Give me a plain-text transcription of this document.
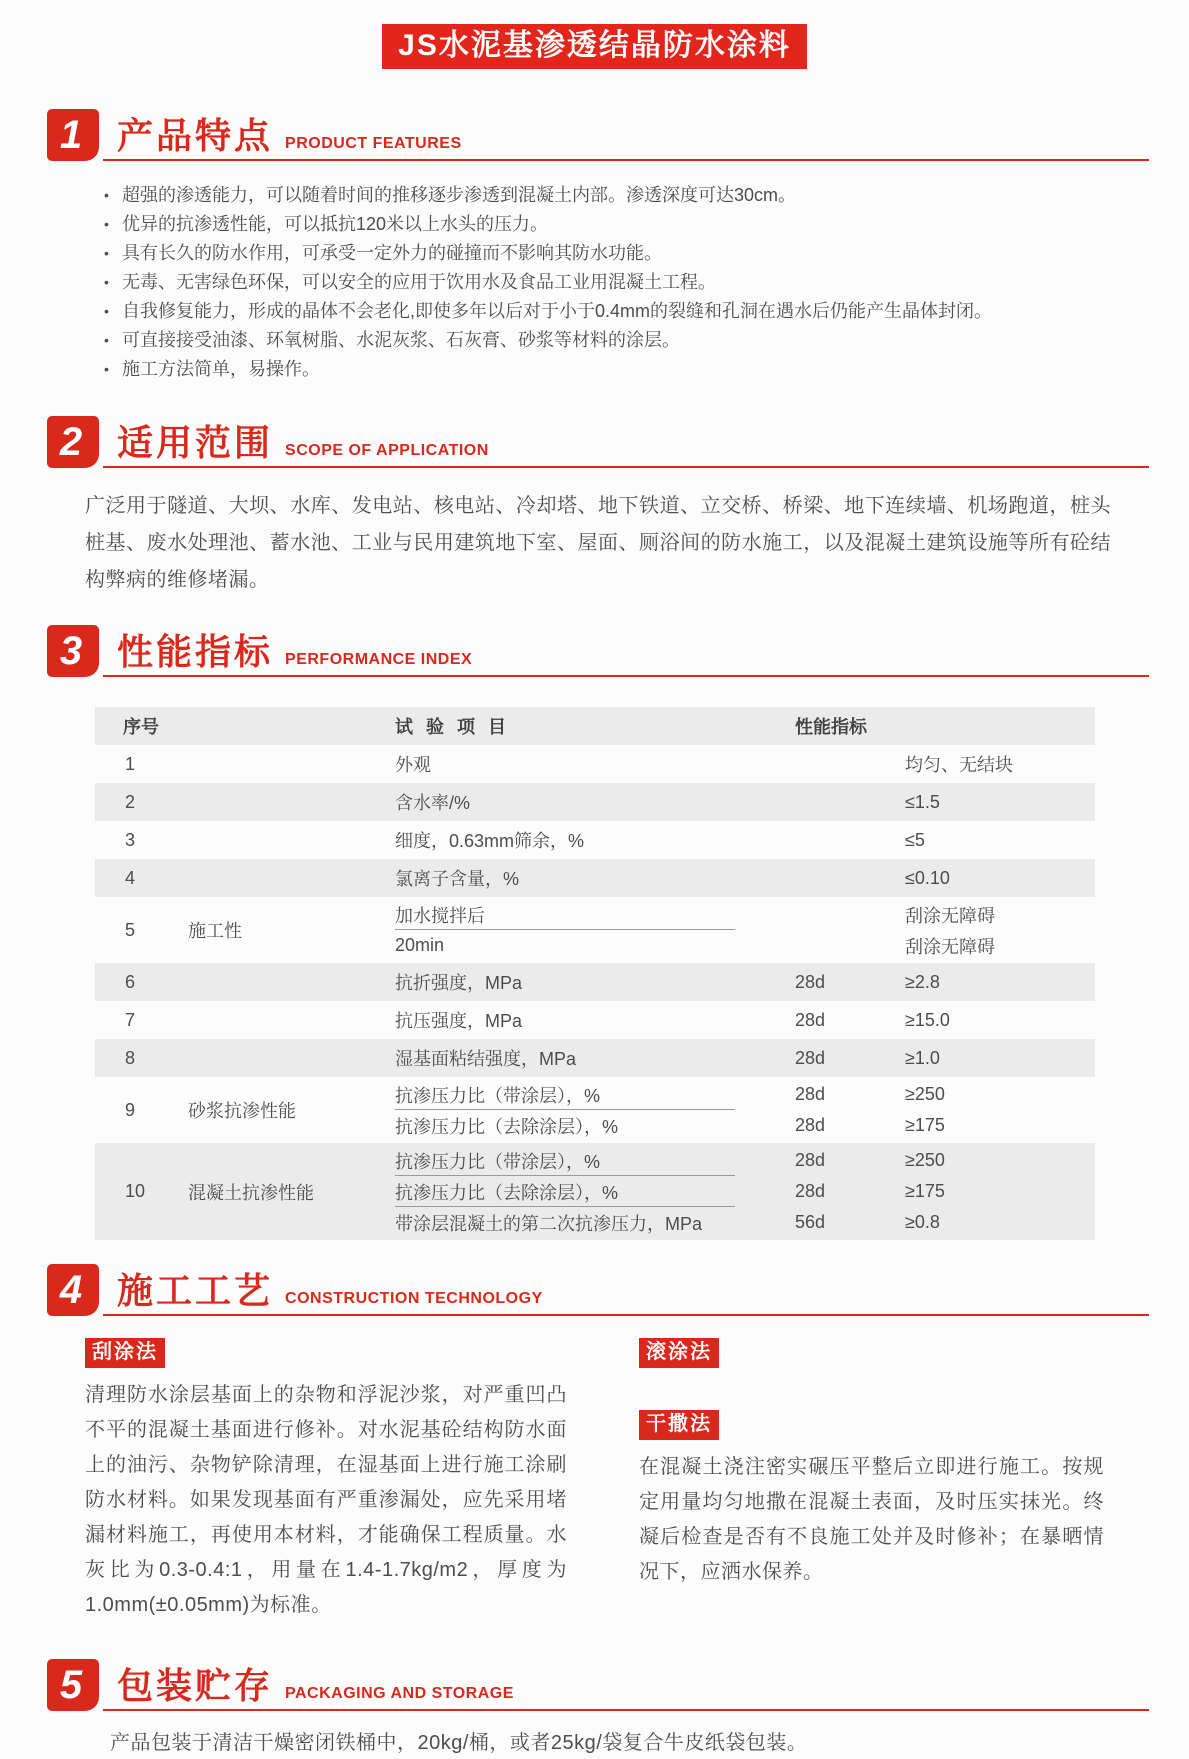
JS水泥基渗透结晶防水涂料
1 产品特点 PRODUCT FEATURES
• 超强的渗透能力，可以随着时间的推移逐步渗透到混凝土内部。渗透深度可达30cm。
• 优异的抗渗透性能，可以抵抗120米以上水头的压力。
• 具有长久的防水作用，可承受一定外力的碰撞而不影响其防水功能。
• 无毒、无害绿色环保，可以安全的应用于饮用水及食品工业用混凝土工程。
• 自我修复能力，形成的晶体不会老化,即使多年以后对于小于0.4mm的裂缝和孔洞在遇水后仍能产生晶体封闭。
• 可直接接受油漆、环氧树脂、水泥灰浆、石灰膏、砂浆等材料的涂层。
• 施工方法简单，易操作。
2 适用范围 SCOPE OF APPLICATION

广泛用于隧道、大坝、水库、发电站、核电站、冷却塔、地下铁道、立交桥、桥梁、地下连续墙、机场跑道，桩头桩基、废水处理池、蓄水池、工业与民用建筑地下室、屋面、厕浴间的防水施工，以及混凝土建筑设施等所有砼结构弊病的维修堵漏。

3 性能指标 PERFORMANCE INDEX
序号	试 验 项 目	性能指标
1	外观	均匀、无结块
2	含水率/%	≤1.5
3	细度，0.63mm筛余，%	≤5
4	氯离子含量，%	≤0.10
5	施工性
加水搅拌后	刮涂无障碍
20min	刮涂无障碍
6	抗折强度，MPa	28d	≥2.8
7	抗压强度，MPa	28d	≥15.0
8	湿基面粘结强度，MPa	28d	≥1.0
9	砂浆抗渗性能
抗渗压力比（带涂层），%	28d	≥250
抗渗压力比（去除涂层），%	28d	≥175
10	混凝土抗渗性能
抗渗压力比（带涂层），%	28d	≥250
抗渗压力比（去除涂层），%	28d	≥175
带涂层混凝土的第二次抗渗压力，MPa	56d	≥0.8
4 施工工艺 CONSTRUCTION TECHNOLOGY
刮涂法

清理防水涂层基面上的杂物和浮泥沙浆，对严重凹凸不平的混凝土基面进行修补。对水泥基砼结构防水面上的油污、杂物铲除清理，在湿基面上进行施工涂刷防水材料。如果发现基面有严重渗漏处，应先采用堵漏材料施工，再使用本材料，才能确保工程质量。水灰比为0.3-0.4:1，用量在1.4-1.7kg/m2，厚度为1.0mm(±0.05mm)为标准。

滚涂法
干撒法

在混凝土浇注密实碾压平整后立即进行施工。按规定用量均匀地撒在混凝土表面，及时压实抹光。终凝后检查是否有不良施工处并及时修补；在暴晒情况下，应洒水保养。

5 包装贮存 PACKAGING AND STORAGE

产品包装于清洁干燥密闭铁桶中，20kg/桶，或者25kg/袋复合牛皮纸袋包装。
